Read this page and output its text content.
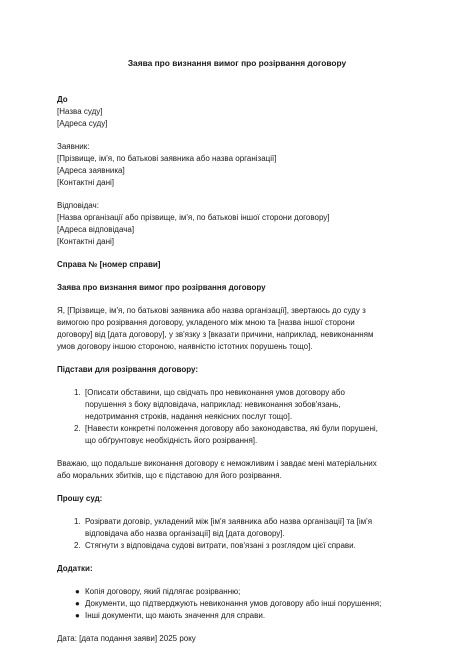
Заява про визнання вимог про розірвання договору
До
[Назва суду]
[Адреса суду]
Заявник:
[Прізвище, ім'я, по батькові заявника або назва організації]
[Адреса заявника]
[Контактні дані]
Відповідач:
[Назва організації або прізвище, ім'я, по батькові іншої сторони договору]
[Адреса відповідача]
[Контактні дані]
Справа № [номер справи]
Заява про визнання вимог про розірвання договору
Я, [Прізвище, ім'я, по батькові заявника або назва організації], звертаюсь до суду з
вимогою про розірвання договору, укладеного між мною та [назва іншої сторони
договору] від [дата договору], у зв'язку з [вказати причини, наприклад, невиконанням
умов договору іншою стороною, наявністю істотних порушень тощо].
Підстави для розірвання договору:
1. [Описати обставини, що свідчать про невиконання умов договору або
порушення з боку відповідача, наприклад: невиконання зобов'язань,
недотримання строків, надання неякісних послуг тощо].
2. [Навести конкретні положення договору або законодавства, які були порушені,
що обґрунтовує необхідність його розірвання].
Вважаю, що подальше виконання договору є неможливим і завдає мені матеріальних
або моральних збитків, що є підставою для його розірвання.
Прошу суд:
1. Розірвати договір, укладений між [ім'я заявника або назва організації] та [ім'я
відповідача або назва організації] від [дата договору].
2. Стягнути з відповідача судові витрати, пов'язані з розглядом цієї справи.
Додатки:
● Копія договору, який підлягає розірванню;
● Документи, що підтверджують невиконання умов договору або інші порушення;
● Інші документи, що мають значення для справи.
Дата: [дата подання заяви] 2025 року
